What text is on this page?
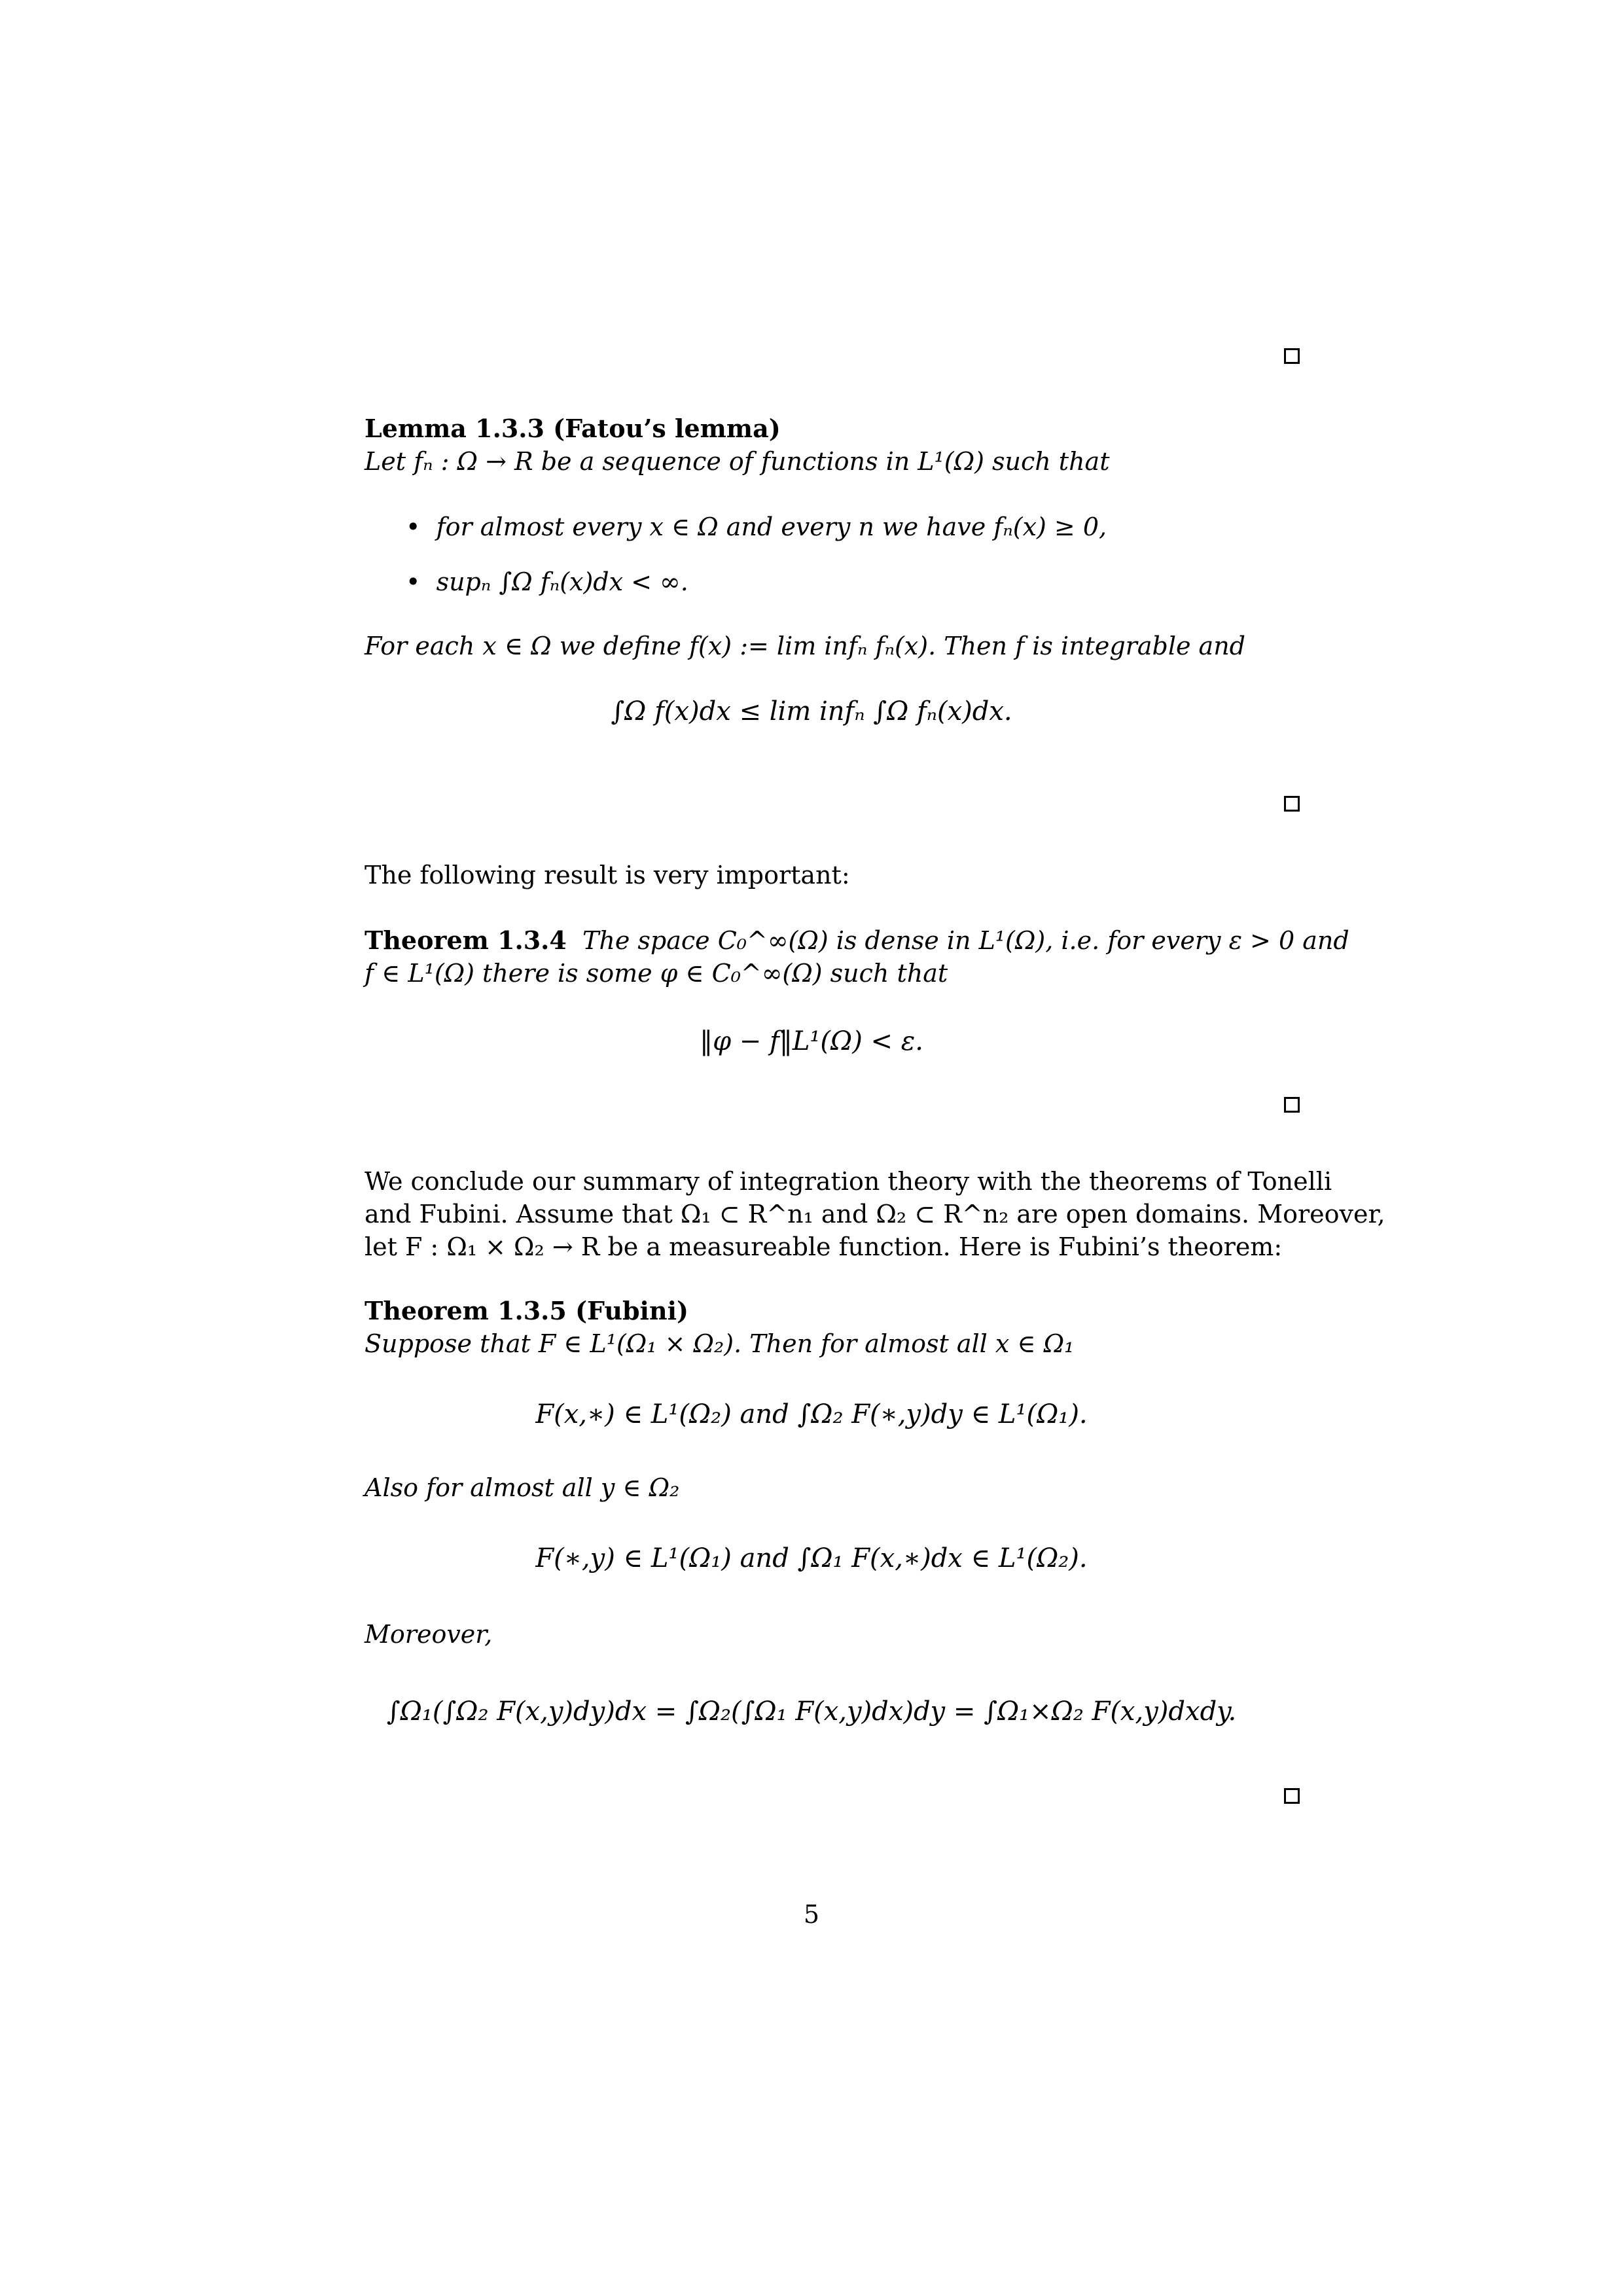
Lemma 1.3.3 (Fatou’s lemma)
Let fₙ : Ω → R be a sequence of functions in L¹(Ω) such that
•  for almost every x ∈ Ω and every n we have fₙ(x) ≥ 0,
•  supₙ ∫Ω fₙ(x)dx < ∞.
For each x ∈ Ω we define f(x) := lim infₙ fₙ(x). Then f is integrable and
∫Ω f(x)dx ≤ lim infₙ ∫Ω fₙ(x)dx.
The following result is very important:
Theorem 1.3.4 The space C₀^∞(Ω) is dense in L¹(Ω), i.e. for every ε > 0 and
f ∈ L¹(Ω) there is some φ ∈ C₀^∞(Ω) such that
‖φ − f‖L¹(Ω) < ε.
We conclude our summary of integration theory with the theorems of Tonelli
and Fubini. Assume that Ω₁ ⊂ R^n₁ and Ω₂ ⊂ R^n₂ are open domains. Moreover,
let F : Ω₁ × Ω₂ → R be a measureable function. Here is Fubini’s theorem:
Theorem 1.3.5 (Fubini)
Suppose that F ∈ L¹(Ω₁ × Ω₂). Then for almost all x ∈ Ω₁
F(x,∗) ∈ L¹(Ω₂) and ∫Ω₂ F(∗,y)dy ∈ L¹(Ω₁).
Also for almost all y ∈ Ω₂
F(∗,y) ∈ L¹(Ω₁) and ∫Ω₁ F(x,∗)dx ∈ L¹(Ω₂).
Moreover,
∫Ω₁(∫Ω₂ F(x,y)dy)dx = ∫Ω₂(∫Ω₁ F(x,y)dx)dy = ∫Ω₁×Ω₂ F(x,y)dxdy.
5
